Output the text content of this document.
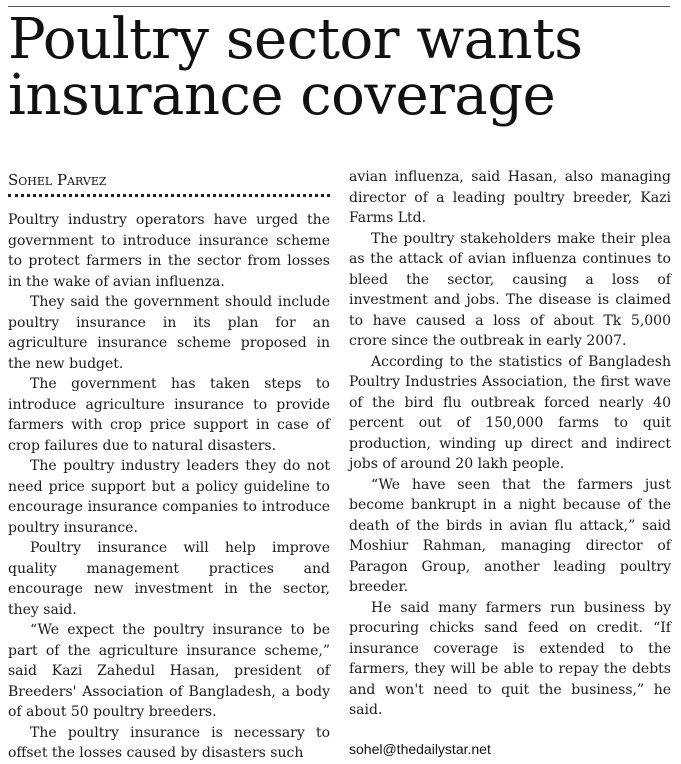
Poultry sector wants insurance coverage
Sohel Parvez

Poultry industry operators have urged the government to introduce insurance scheme to protect farmers in the sector from losses in the wake of avian influenza.

They said the government should include poultry insurance in its plan for an agriculture insurance scheme proposed in the new budget.

The government has taken steps to introduce agriculture insurance to provide farmers with crop price support in case of crop failures due to natural disasters.

The poultry industry leaders they do not need price support but a policy guideline to encourage insurance companies to introduce poultry insurance.

Poultry insurance will help improve quality management practices and encourage new investment in the sector, they said.

“We expect the poultry insurance to be part of the agriculture insurance scheme,” said Kazi Zahedul Hasan, president of Breeders' Association of Bangladesh, a body of about 50 poultry breeders.

The poultry insurance is necessary to offset the losses caused by disasters such

avian influenza, said Hasan, also managing director of a leading poultry breeder, Kazi Farms Ltd.

The poultry stakeholders make their plea as the attack of avian influenza continues to bleed the sector, causing a loss of investment and jobs. The disease is claimed to have caused a loss of about Tk 5,000 crore since the outbreak in early 2007.

According to the statistics of Bangladesh Poultry Industries Association, the first wave of the bird flu outbreak forced nearly 40 percent out of 150,000 farms to quit production, winding up direct and indirect jobs of around 20 lakh people.

“We have seen that the farmers just become bankrupt in a night because of the death of the birds in avian flu attack,” said Moshiur Rahman, managing director of Paragon Group, another leading poultry breeder.

He said many farmers run business by procuring chicks sand feed on credit. “If insurance coverage is extended to the farmers, they will be able to repay the debts and won't need to quit the business,” he said.

sohel@thedailystar.net
